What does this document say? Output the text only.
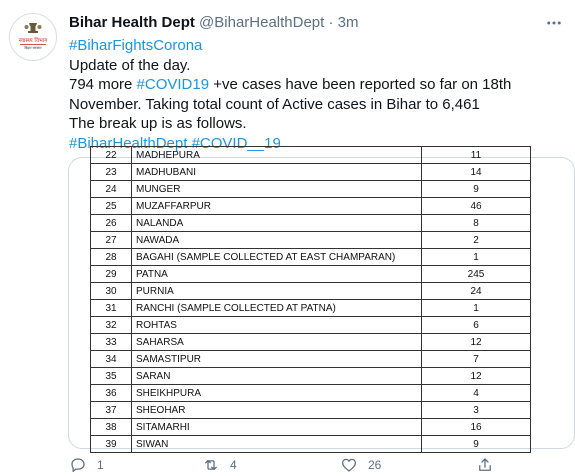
स्वास्थ्य विभाग
बिहार सरकार
Bihar Health Dept @BiharHealthDept · 3m

#BiharFightsCorona

Update of the day.

794 more #COVID19 +ve cases have been reported so far on 18th

November. Taking total count of Active cases in Bihar to 6,461

The break up is as follows.

#BiharHealthDept #COVID__19

22	MADHEPURA	11
23	MADHUBANI	14
24	MUNGER	9
25	MUZAFFARPUR	46
26	NALANDA	8
27	NAWADA	2
28	BAGAHI (SAMPLE COLLECTED AT EAST CHAMPARAN)	1
29	PATNA	245
30	PURNIA	24
31	RANCHI (SAMPLE COLLECTED AT PATNA)	1
32	ROHTAS	6
33	SAHARSA	12
34	SAMASTIPUR	7
35	SARAN	12
36	SHEIKHPURA	4
37	SHEOHAR	3
38	SITAMARHI	16
39	SIWAN	9
1	4	26
